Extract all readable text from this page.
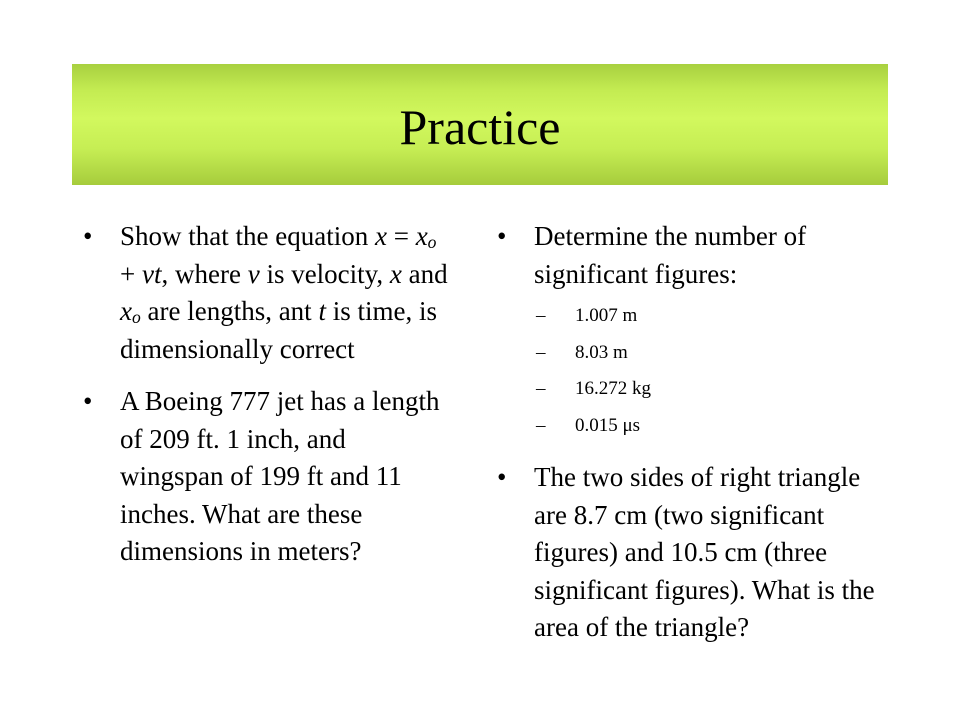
Practice
• Show that the equation $x = x_o$ + vt, where v is velocity, x and $x_o$ are lengths, ant t is time, is dimensionally correct
• A Boeing 777 jet has a length of 209 ft. 1 inch, and wingspan of 199 ft and 11 inches. What are these dimensions in meters?
• Determine the number of significant figures:
– 1.007 m
– 8.03 m
– 16.272 kg
– 0.015 μs
• The two sides of right triangle are 8.7 cm (two significant figures) and 10.5 cm (three significant figures). What is the area of the triangle?
